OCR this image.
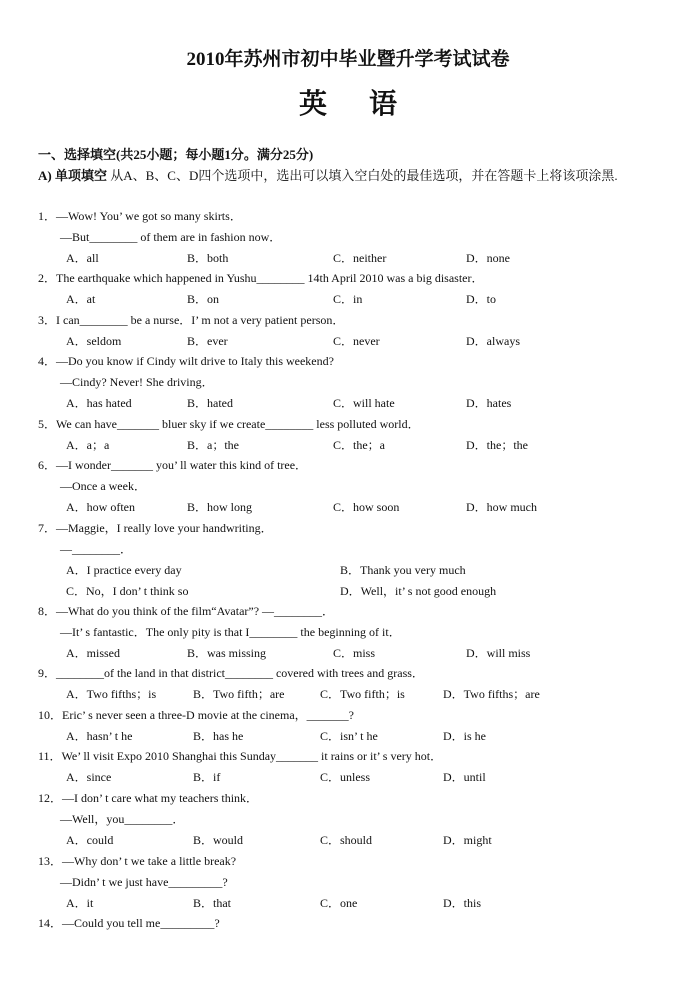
2010年苏州市初中毕业暨升学考试试卷
英语
一、选择填空(共25小题；每小题1分。满分25分)
A) 单项填空 从A、B、C、D四个选项中，选出可以填入空白处的最佳选项，并在答题卡上将该项涂黑.
1．—Wow! You’ we got so many skirts．
—But________ of them are in fashion now．
A．all	B．both	C．neither	D．none
2．The earthquake which happened in Yushu________ 14th April 2010 was a big disaster．
A．at	B．on	C．in	D．to
3．I can________ be a nurse．I’ m not a very patient person．
A．seldom	B．ever	C．never	D．always
4．—Do you know if Cindy wilt drive to Italy this weekend?
—Cindy? Never! She driving．
A．has hated	B．hated	C．will hate	D．hates
5．We can have_______ bluer sky if we create________ less polluted world．
A．a；a	B．a；the	C．the；a	D．the；the
6．—I wonder_______ you’ ll water this kind of tree．
—Once a week．
A．how often	B．how long	C．how soon	D．how much
7．—Maggie，I really love your handwriting．
—________．
A．I practice every day	B．Thank you very much
C．No，I don’ t think so	D．Well，it’ s not good enough
8．—What do you think of the film“Avatar”? —________．
—It’ s fantastic．The only pity is that I________ the beginning of it．
A．missed	B．was missing	C．miss	D．will miss
9．________of the land in that district________ covered with trees and grass．
A．Two fifths；is	B．Two fifth；are	C．Two fifth；is	D．Two fifths；are
10．Eric’ s never seen a three-D movie at the cinema，_______?
A．hasn’ t he	B．has he	C．isn’ t he	D．is he
11．We’ ll visit Expo 2010 Shanghai this Sunday_______ it rains or it’ s very hot．
A．since	B．if	C．unless	D．until
12．—I don’ t care what my teachers think．
—Well，you________．
A．could	B．would	C．should	D．might
13．—Why don’ t we take a little break?
—Didn’ t we just have_________?
A．it	B．that	C．one	D．this
14．—Could you tell me_________?
